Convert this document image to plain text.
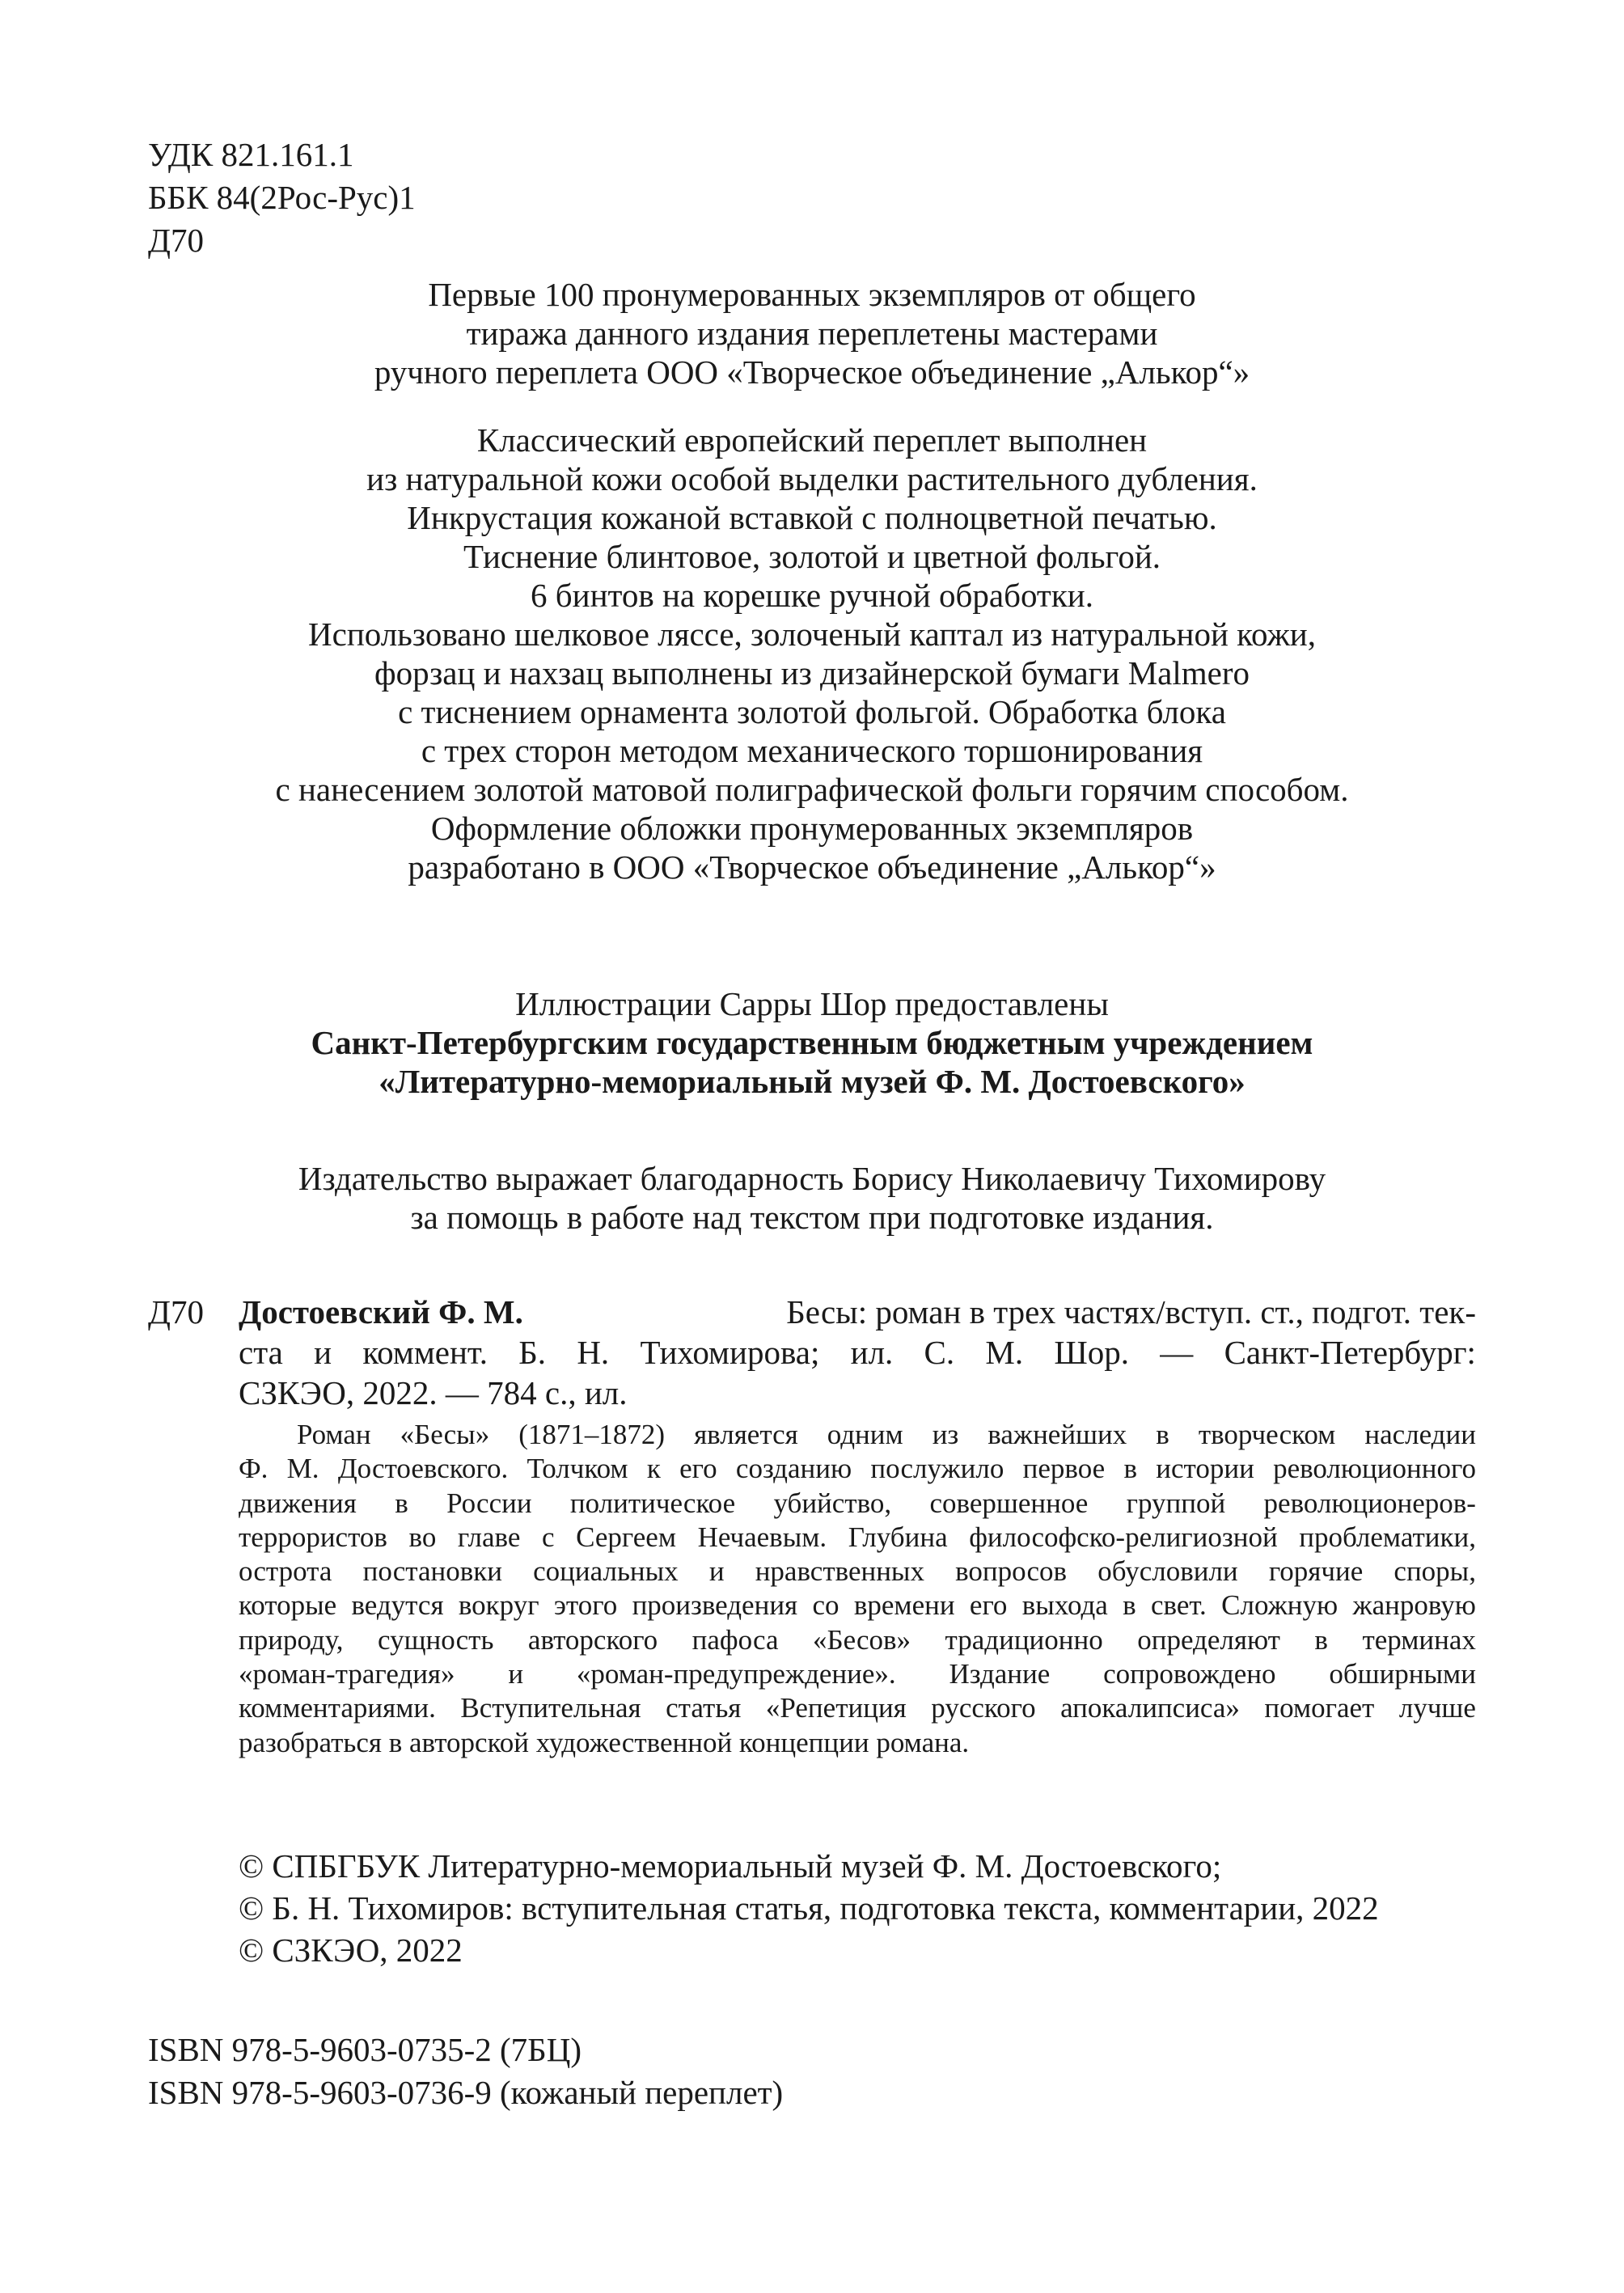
УДК 821.161.1
ББК 84(2Рос-Рус)1
Д70
Первые 100 пронумерованных экземпляров от общего
тиража данного издания переплетены мастерами
ручного переплета ООО «Творческое объединение „Алькор“»
Классический европейский переплет выполнен
из натуральной кожи особой выделки растительного дубления.
Инкрустация кожаной вставкой с полноцветной печатью.
Тиснение блинтовое, золотой и цветной фольгой.
6 бинтов на корешке ручной обработки.
Использовано шелковое ляссе, золоченый каптал из натуральной кожи,
форзац и нахзац выполнены из дизайнерской бумаги Malmero
с тиснением орнамента золотой фольгой. Обработка блока
с трех сторон методом механического торшонирования
с нанесением золотой матовой полиграфической фольги горячим способом.
Оформление обложки пронумерованных экземпляров
разработано в ООО «Творческое объединение „Алькор“»
Иллюстрации Сарры Шор предоставлены
Санкт-Петербургским государственным бюджетным учреждением
«Литературно-мемориальный музей Ф. М. Достоевского»
Издательство выражает благодарность Борису Николаевичу Тихомирову
за помощь в работе над текстом при подготовке издания.
Д70 Достоевский Ф. М.	Бесы: роман в трех частях/вступ. ст., подгот. тек-
ста и коммент. Б. Н. Тихомирова; ил. С. М. Шор. — Санкт-Петербург:
СЗКЭО, 2022. — 784 с., ил.
Роман «Бесы» (1871–1872) является одним из важнейших в творческом наследии
Ф. М. Достоевского. Толчком к его созданию послужило первое в истории революционного
движения в России политическое убийство, совершенное группой революционеров-
террористов во главе с Сергеем Нечаевым. Глубина философско-религиозной проблематики,
острота постановки социальных и нравственных вопросов обусловили горячие споры,
которые ведутся вокруг этого произведения со времени его выхода в свет. Сложную жанровую
природу, сущность авторского пафоса «Бесов» традиционно определяют в терминах
«роман-трагедия» и «роман-предупреждение». Издание сопровождено обширными
комментариями. Вступительная статья «Репетиция русского апокалипсиса» помогает лучше
разобраться в авторской художественной концепции романа.
© СПБГБУК Литературно-мемориальный музей Ф. М. Достоевского;
© Б. Н. Тихомиров: вступительная статья, подготовка текста, комментарии, 2022
© СЗКЭО, 2022
ISBN 978-5-9603-0735-2 (7БЦ)
ISBN 978-5-9603-0736-9 (кожаный переплет)
